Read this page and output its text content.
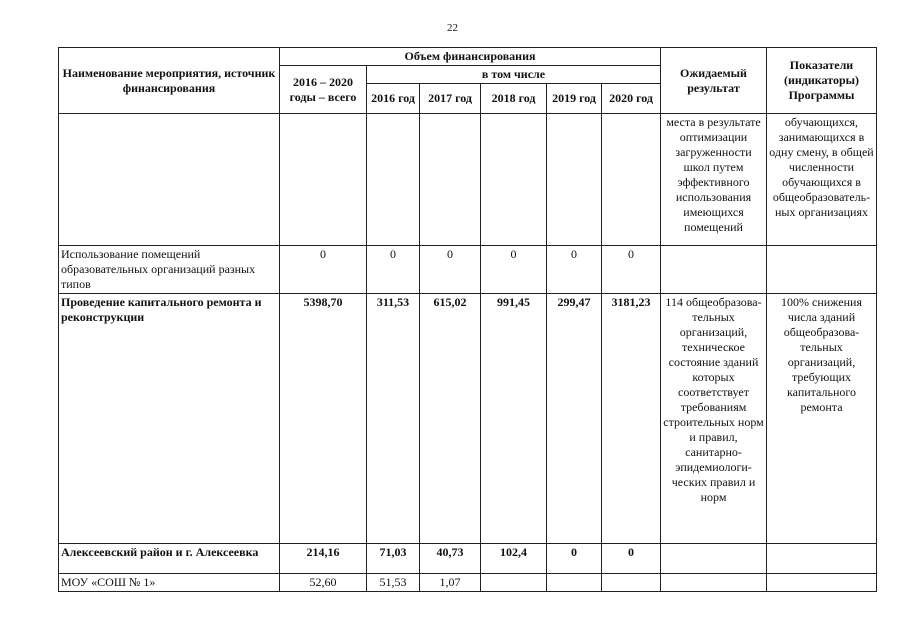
22
Наименование мероприятия, источник финансирования	Объем финансирования						Ожидаемый результат	Показатели (индикаторы) Программы
	2016 – 2020 годы – всего	в том числе						
		2016 год	2017 год	2018 год	2019 год	2020 год		
							места в результате оптимизации загруженности школ путем эффективного использования имеющихся помещений	обучающихся, занимающихся в одну смену, в общей численности обучающихся в общеобразователь-ных организациях
Использование помещений образовательных организаций разных типов	0	0	0	0	0	0		
Проведение капитального ремонта и реконструкции	5398,70	311,53	615,02	991,45	299,47	3181,23	114 общеобразова-тельных организаций, техническое состояние зданий которых соответствует требованиям строительных норм и правил, санитарно-эпидемиологи-ческих правил и норм	100% снижения числа зданий общеобразова-тельных организаций, требующих капитального ремонта
Алексеевский район и г. Алексеевка	214,16	71,03	40,73	102,4	0	0		
МОУ «СОШ № 1»	52,60	51,53	1,07					
